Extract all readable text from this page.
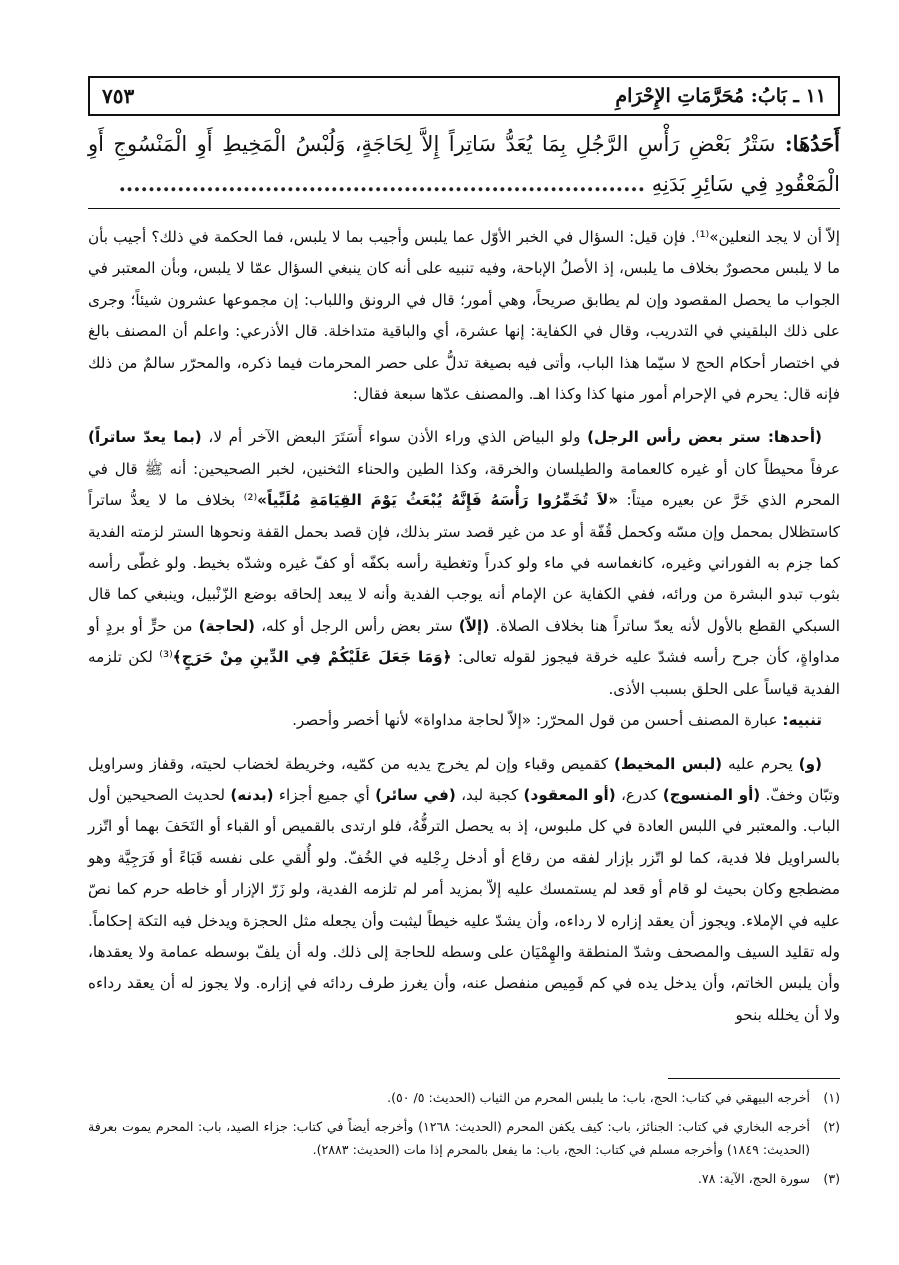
١١ ـ بَابُ: مُحَرَّمَاتِ الإِحْرَامِ
٧٥٣
أَحَدُهَا: سَتْرُ بَعْضِ رَأْسِ الرَّجُلِ بِمَا يُعَدُّ سَاتِراً إِلاَّ لِحَاجَةٍ، وَلُبْسُ الْمَخِيطِ أَوِ الْمَنْسُوجِ أَوِ الْمَعْقُودِ فِي سَائِرِ بَدَنِهِ ........................................................................

إلاّ أن لا يجد النعلين»⁽¹⁾. فإن قيل: السؤال في الخبر الأوّل عما يلبس وأجيب بما لا يلبس، فما الحكمة في ذلك؟ أجيب بأن ما لا يلبس محصورٌ بخلاف ما يلبس، إذ الأصلُ الإباحة، وفيه تنبيه على أنه كان ينبغي السؤال عمّا لا يلبس، وبأن المعتبر في الجواب ما يحصل المقصود وإن لم يطابق صريحاً، وهي أمور؛ قال في الرونق واللباب: إن مجموعها عشرون شيئاً؛ وجرى على ذلك البلقيني في التدريب، وقال في الكفاية: إنها عشرة، أي والباقية متداخلة. قال الأذرعي: واعلم أن المصنف بالغ في اختصار أحكام الحج لا سيّما هذا الباب، وأتى فيه بصيغة تدلُّ على حصر المحرمات فيما ذكره، والمحرّر سالمٌ من ذلك فإنه قال: يحرم في الإحرام أمور منها كذا وكذا اهـ. والمصنف عدّها سبعة فقال:

(أحدها: ستر بعض رأس الرجل) ولو البياض الذي وراء الأذن سواء أَسَتَرَ البعض الآخر أم لا، (بما يعدّ ساتراً) عرفاً محيطاً كان أو غيره كالعمامة والطيلسان والخرقة، وكذا الطين والحناء الثخنين، لخبر الصحيحين: أنه ﷺ قال في المحرم الذي خَرَّ عن بعيره ميتاً: «لاَ تُخَمِّرُوا رَأْسَهُ فَإِنَّهُ يُبْعَثُ يَوْمَ القِيَامَةِ مُلَبِّياً»⁽²⁾ بخلاف ما لا يعدُّ ساتراً كاستظلال بمحمل وإن مسّه وكحمل قُفّة أو عد من غير قصد ستر بذلك، فإن قصد بحمل القفة ونحوها الستر لزمته الفدية كما جزم به الفوراني وغيره، كانغماسه في ماء ولو كدراً وتغطية رأسه بكفّه أو كفّ غيره وشدّه بخيط. ولو غطّى رأسه بثوب تبدو البشرة من ورائه، ففي الكفاية عن الإمام أنه يوجب الفدية وأنه لا يبعد إلحاقه بوضع الزّنْبيل، وينبغي كما قال السبكي القطع بالأول لأنه يعدّ ساتراً هنا بخلاف الصلاة. (إلاّ) ستر بعض رأس الرجل أو كله، (لحاجة) من حرٍّ أو بردٍ أو مداواةٍ، كأن جرح رأسه فشدّ عليه خرقة فيجوز لقوله تعالى: ﴿وَمَا جَعَلَ عَلَيْكُمْ فِي الدِّينِ مِنْ حَرَجٍ﴾⁽³⁾ لكن تلزمه الفدية قياساً على الحلق بسبب الأذى.

تنبيه: عبارة المصنف أحسن من قول المحرّر: «إلاّ لحاجة مداواة» لأنها أخصر وأحصر.

(و) يحرم عليه (لبس المخيط) كقميص وقباء وإن لم يخرج يديه من كمّيه، وخريطة لخضاب لحيته، وقفاز وسراويل وتبّان وخفّ. (أو المنسوج) كدرع، (أو المعقود) كجبة لبد، (في سائر) أي جميع أجزاء (بدنه) لحديث الصحيحين أول الباب. والمعتبر في اللبس العادة في كل ملبوس، إذ به يحصل الترفُّهُ، فلو ارتدى بالقميص أو القباء أو التَحَفَ بهما أو اتّزر بالسراويل فلا فدية، كما لو اتّزر بإزار لفقه من رقاع أو أدخل رِجْليه في الخُفّ. ولو أُلقي على نفسه قَبَاءً أو فَرَجِيَّة وهو مضطجع وكان بحيث لو قام أو قعد لم يستمسك عليه إلاّ بمزيد أمر لم تلزمه الفدية، ولو زَرّ الإزار أو خاطه حرم كما نصّ عليه في الإملاء. ويجوز أن يعقد إزاره لا رداءه، وأن يشدّ عليه خيطاً ليثبت وأن يجعله مثل الحجزة ويدخل فيه التكة إحكاماً. وله تقليد السيف والمصحف وشدّ المنطقة والهِمْيَان على وسطه للحاجة إلى ذلك. وله أن يلفّ بوسطه عمامة ولا يعقدها، وأن يلبس الخاتم، وأن يدخل يده في كم قَمِيص منفصل عنه، وأن يغرز طرف ردائه في إزاره. ولا يجوز له أن يعقد رداءه ولا أن يخلله بنحو

(١)
أخرجه البيهقي في كتاب: الحج، باب: ما يلبس المحرم من الثياب (الحديث: ٥/ ٥٠).
(٢)
أخرجه البخاري في كتاب: الجنائز، باب: كيف يكفن المحرم (الحديث: ١٢٦٨) وأخرجه أيضاً في كتاب: جزاء الصيد، باب: المحرم يموت بعرفة (الحديث: ١٨٤٩) وأخرجه مسلم في كتاب: الحج، باب: ما يفعل بالمحرم إذا مات (الحديث: ٢٨٨٣).
(٣)
سورة الحج، الآية: ٧٨.
